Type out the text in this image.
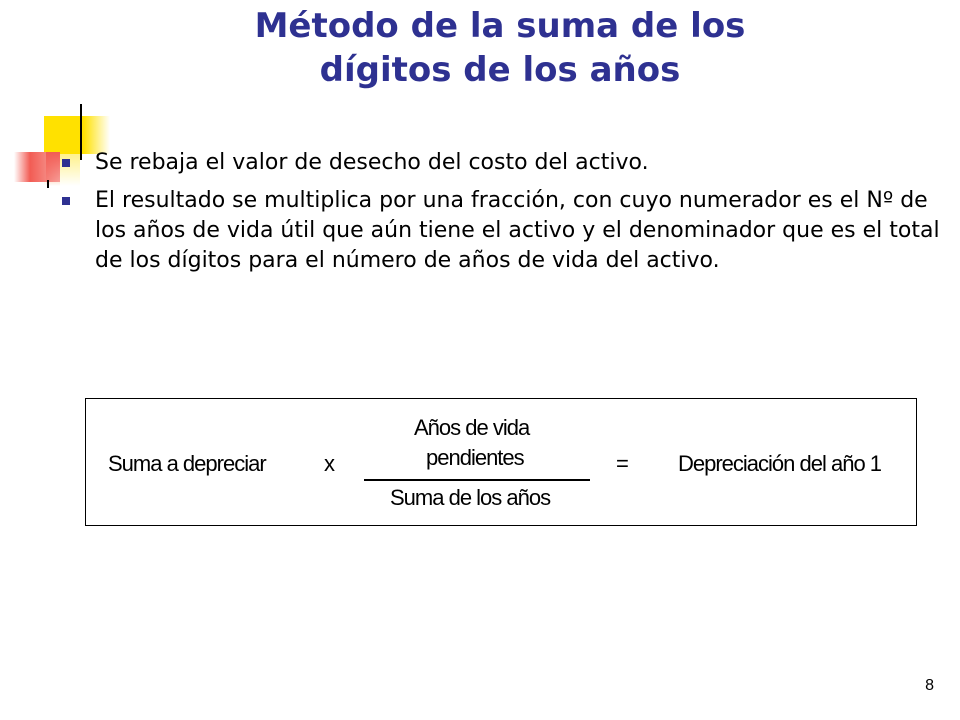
Método de la suma de los
dígitos de los años
Se rebaja el valor de desecho del costo del activo.
El resultado se multiplica por una fracción, con cuyo numerador es el Nº de los años de vida útil que aún tiene el activo y el denominador que es el total de los dígitos para el número de años de vida del activo.
Suma a depreciar	x
Años de vida
pendientes
Suma de los años
= Depreciación del año 1
8
